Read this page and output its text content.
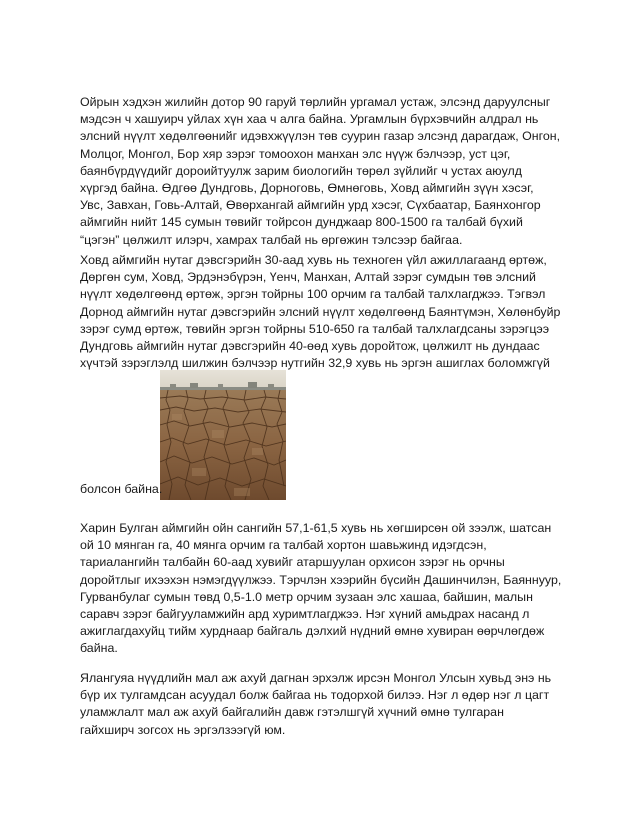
Ойрын хэдхэн жилийн дотор 90 гаруй төрлийн ургамал устаж, элсэнд даруулсныг
мэдсэн ч хашуирч уйлах хүн хаа ч алга байна. Ургамлын бүрхэвчийн алдрал нь
элсний нүүлт хөдөлгөөнийг идэвхжүүлэн төв суурин газар элсэнд дарагдаж, Онгон,
Молцог, Монгол, Бор хяр зэрэг томоохон манхан элс нүүж бэлчээр, уст цэг,
баянбүрдүүдийг дороийтуулж зарим биологийн төрөл зүйлийг ч устах аюулд
хүргэд байна. Өдгөө Дундговь, Дорноговь, Өмнөговь, Ховд аймгийн зүүн хэсэг,
Увс, Завхан, Говь-Алтай, Өвөрхангай аймгийн урд хэсэг, Сүхбаатар, Баянхонгор
аймгийн нийт 145 сумын төвийг тойрсон дунджаар 800-1500 га талбай бүхий
“цэгэн” цөлжилт илэрч, хамрах талбай нь өргөжин тэлсээр байгаа.

Ховд аймгийн нутаг дэвсгэрийн 30-аад хувь нь техноген үйл ажиллагаанд өртөж,
Дөргөн сум, Ховд, Эрдэнэбүрэн, Үенч, Манхан, Алтай зэрэг сумдын төв элсний
нүүлт хөдөлгөөнд өртөж, эргэн тойрны 100 орчим га талбай талхлагджээ. Тэгвэл
Дорнод аймгийн нутаг дэвсгэрийн элсний нүүлт хөдөлгөөнд Баянтүмэн, Хөлөнбуйр
зэрэг сумд өртөж, төвийн эргэн тойрны 510-650 га талбай талхлагдсаны зэрэгцээ
Дундговь аймгийн нутаг дэвсгэрийн 40-өөд хувь доройтож, цөлжилт нь дундаас
хүчтэй зэрэглэлд шилжин бэлчээр нутгийн 32,9 хувь нь эргэн ашиглах боломжгүй

болсон байна.

Харин Булган аймгийн ойн сангийн 57,1-61,5 хувь нь хөгширсөн ой зээлж, шатсан
ой 10 мянган га, 40 мянга орчим га талбай хортон шавьжинд идэгдсэн,
тариалангийн талбайн 60-аад хувийг атаршуулан орхисон зэрэг нь орчны
доройтлыг ихээхэн нэмэгдүүлжээ. Тэрчлэн хээрийн бүсийн Дашинчилэн, Баяннуур,
Гурванбулаг сумын төвд 0,5-1.0 метр орчим зузаан элс хашаа, байшин, малын
саравч зэрэг байгууламжийн ард хуримтлагджээ. Нэг хүний амьдрах насанд л
ажиглагдахуйц тийм хурднаар байгаль дэлхий нүдний өмнө хувиран өөрчлөгдөж
байна.

Ялангуяа нүүдлийн мал аж ахуй дагнан эрхэлж ирсэн Монгол Улсын хувьд энэ нь
бүр их тулгамдсан асуудал болж байгаа нь тодорхой билээ. Нэг л өдөр нэг л цагт
уламжлалт мал аж ахуй байгалийн давж гэтэлшгүй хүчний өмнө тулгаран
гайхширч зогсох нь эргэлзээгүй юм.
